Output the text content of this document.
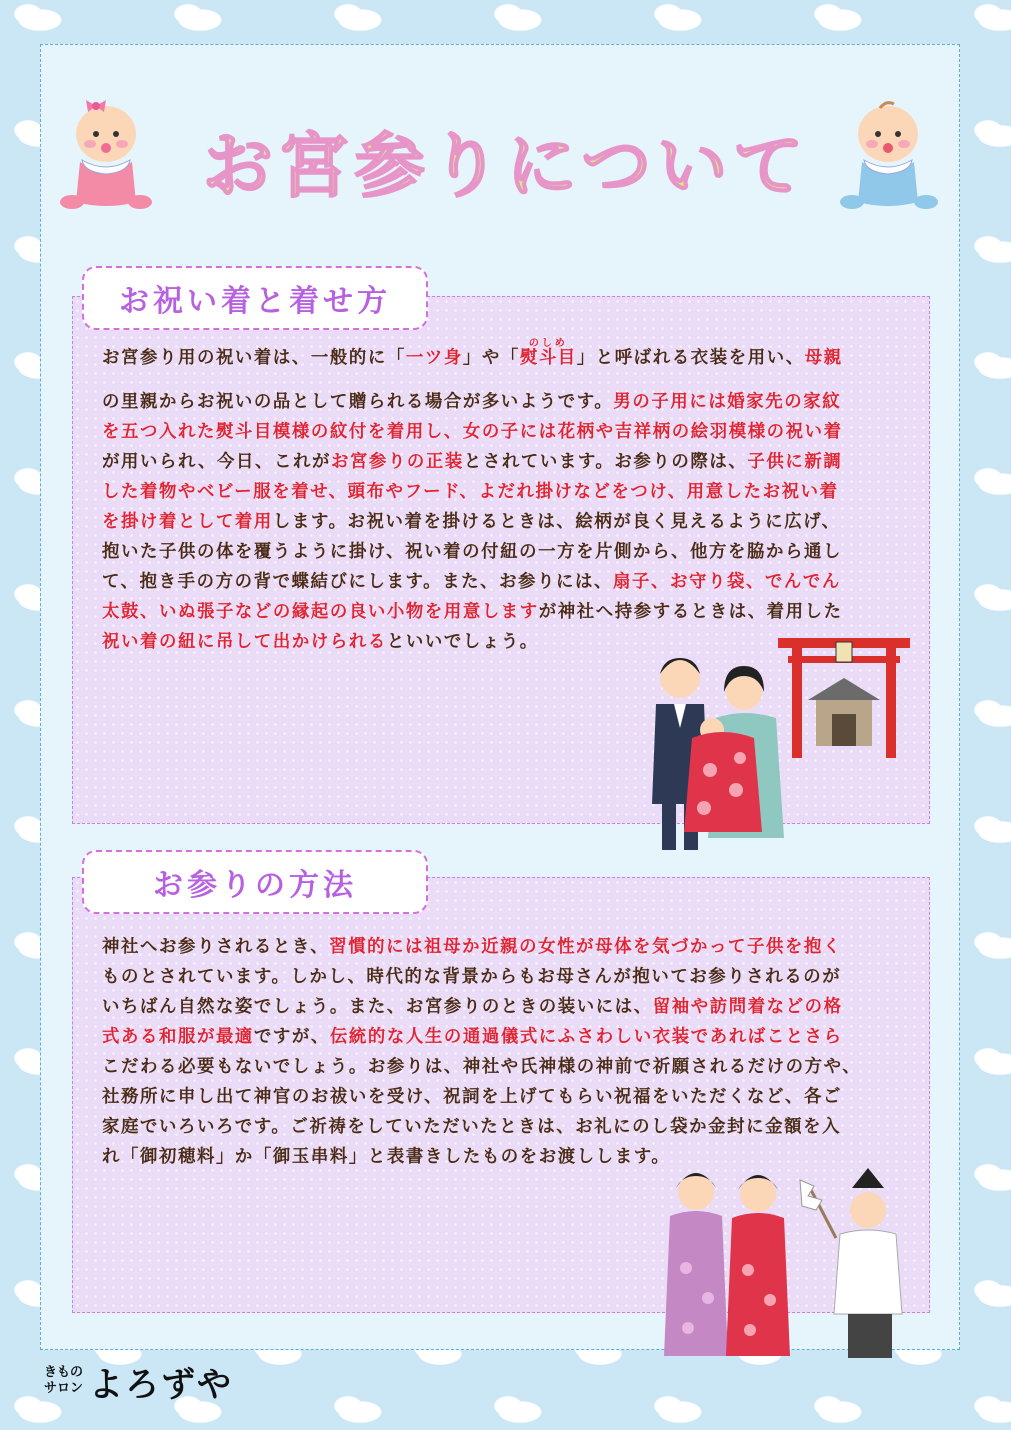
お宮参りについて
お祝い着と着せ方

お宮参り用の祝い着は、一般的に「一ツ身」や「
のしめ
熨斗目」と呼ばれる衣装を用い、母親

の里親からお祝いの品として贈られる場合が多いようです。男の子用には婚家先の家紋

を五つ入れた熨斗目模様の紋付を着用し、女の子には花柄や吉祥柄の絵羽模様の祝い着

が用いられ、今日、これがお宮参りの正装とされています。お参りの際は、子供に新調

した着物やベビー服を着せ、頭布やフード、よだれ掛けなどをつけ、用意したお祝い着

を掛け着として着用します。お祝い着を掛けるときは、絵柄が良く見えるように広げ、

抱いた子供の体を覆うように掛け、祝い着の付紐の一方を片側から、他方を脇から通し

て、抱き手の方の背で蝶結びにします。また、お参りには、扇子、お守り袋、でんでん

太鼓、いぬ張子などの縁起の良い小物を用意しますが神社へ持参するときは、着用した

祝い着の紐に吊して出かけられるといいでしょう。

お参りの方法

神社へお参りされるとき、習慣的には祖母か近親の女性が母体を気づかって子供を抱く

ものとされています。しかし、時代的な背景からもお母さんが抱いてお参りされるのが

いちばん自然な姿でしょう。また、お宮参りのときの装いには、留袖や訪問着などの格

式ある和服が最適ですが、伝統的な人生の通過儀式にふさわしい衣装であればことさら

こだわる必要もないでしょう。お参りは、神社や氏神様の神前で祈願されるだけの方や、

社務所に申し出て神官のお祓いを受け、祝詞を上げてもらい祝福をいただくなど、各ご

家庭でいろいろです。ご祈祷をしていただいたときは、お礼にのし袋か金封に金額を入

れ「御初穂料」か「御玉串料」と表書きしたものをお渡しします。

きもの
サロン よろずや
